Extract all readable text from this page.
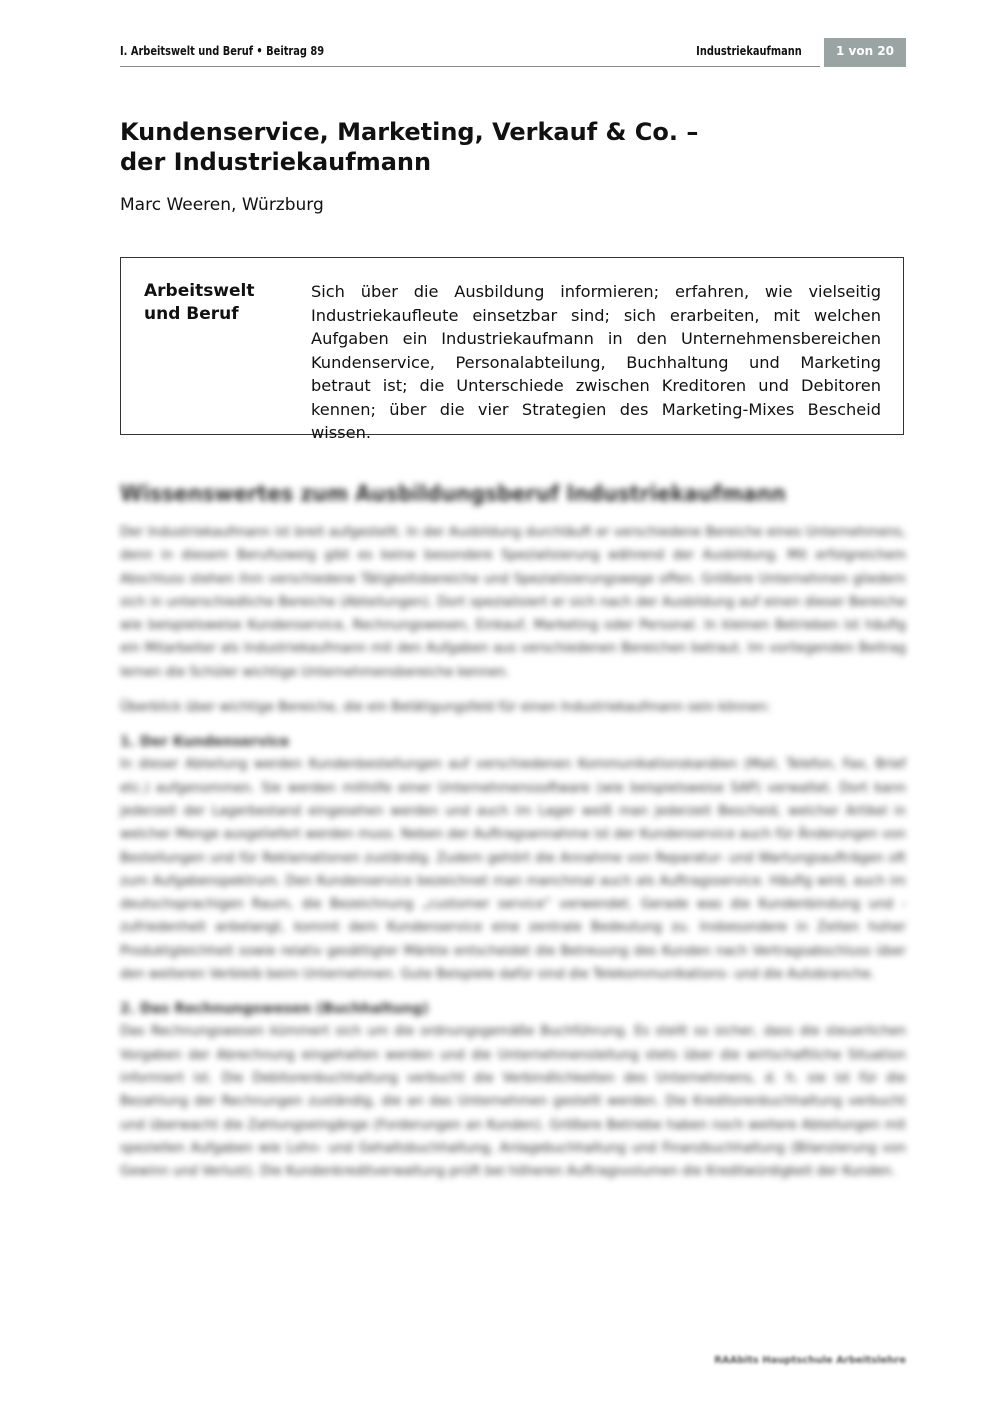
I. Arbeitswelt und Beruf • Beitrag 89	Industriekaufmann	1 von 20
Kundenservice, Marketing, Verkauf & Co. –
der Industriekaufmann
Marc Weeren, Würzburg
Arbeitswelt
und Beruf
Sich über die Ausbildung informieren; erfahren, wie vielseitig Industriekaufleute einsetzbar sind; sich erarbeiten, mit welchen Aufgaben ein Industriekaufmann in den Unternehmensbereichen Kundenservice, Personalabteilung, Buchhaltung und Marketing betraut ist; die Unterschiede zwischen Kreditoren und Debitoren kennen; über die vier Strategien des Marketing-Mixes Bescheid wissen.
Wissenswertes zum Ausbildungsberuf Industriekaufmann

Der Industriekaufmann ist breit aufgestellt. In der Ausbildung durchläuft er verschiedene Bereiche eines Unternehmens, denn in diesem Berufszweig gibt es keine besondere Spezialisierung während der Ausbildung. Mit erfolgreichem Abschluss stehen ihm verschiedene Tätigkeitsbereiche und Spezialisierungswege offen. Größere Unternehmen gliedern sich in unterschiedliche Bereiche (Abteilungen). Dort spezialisiert er sich nach der Ausbildung auf einen dieser Bereiche wie beispielsweise Kundenservice, Rechnungswesen, Einkauf, Marketing oder Personal. In kleinen Betrieben ist häufig ein Mitarbeiter als Industriekaufmann mit den Aufgaben aus verschiedenen Bereichen betraut. Im vorliegenden Beitrag lernen die Schüler wichtige Unternehmensbereiche kennen.

Überblick über wichtige Bereiche, die ein Betätigungsfeld für einen Industriekaufmann sein können:

1. Der Kundenservice

In dieser Abteilung werden Kundenbestellungen auf verschiedenen Kommunikationskanälen (Mail, Telefon, Fax, Brief etc.) aufgenommen. Sie werden mithilfe einer Unternehmenssoftware (wie beispielsweise SAP) verwaltet. Dort kann jederzeit der Lagerbestand eingesehen werden und auch im Lager weiß man jederzeit Bescheid, welcher Artikel in welcher Menge ausgeliefert werden muss. Neben der Auftragsannahme ist der Kundenservice auch für Änderungen von Bestellungen und für Reklamationen zuständig. Zudem gehört die Annahme von Reparatur- und Wartungsaufträgen oft zum Aufgabenspektrum. Den Kundenservice bezeichnet man manchmal auch als Auftragsservice. Häufig wird, auch im deutschsprachigen Raum, die Bezeichnung „customer service“ verwendet. Gerade was die Kundenbindung und -zufriedenheit anbelangt, kommt dem Kundenservice eine zentrale Bedeutung zu. Insbesondere in Zeiten hoher Produktgleichheit sowie relativ gesättigter Märkte entscheidet die Betreuung des Kunden nach Vertragsabschluss über den weiteren Verbleib beim Unternehmen. Gute Beispiele dafür sind die Telekommunikations- und die Autobranche.

2. Das Rechnungswesen (Buchhaltung)

Das Rechnungswesen kümmert sich um die ordnungsgemäße Buchführung. Es stellt so sicher, dass die steuerlichen Vorgaben der Abrechnung eingehalten werden und die Unternehmensleitung stets über die wirtschaftliche Situation informiert ist. Die Debitorenbuchhaltung verbucht die Verbindlichkeiten des Unternehmens, d. h. sie ist für die Bezahlung der Rechnungen zuständig, die an das Unternehmen gestellt werden. Die Kreditorenbuchhaltung verbucht und überwacht die Zahlungseingänge (Forderungen an Kunden). Größere Betriebe haben noch weitere Abteilungen mit speziellen Aufgaben wie Lohn- und Gehaltsbuchhaltung, Anlagebuchhaltung und Finanzbuchhaltung (Bilanzierung von Gewinn und Verlust). Die Kundenkreditverwaltung prüft bei höheren Auftragsvolumen die Kreditwürdigkeit der Kunden.

RAAbits Hauptschule Arbeitslehre
